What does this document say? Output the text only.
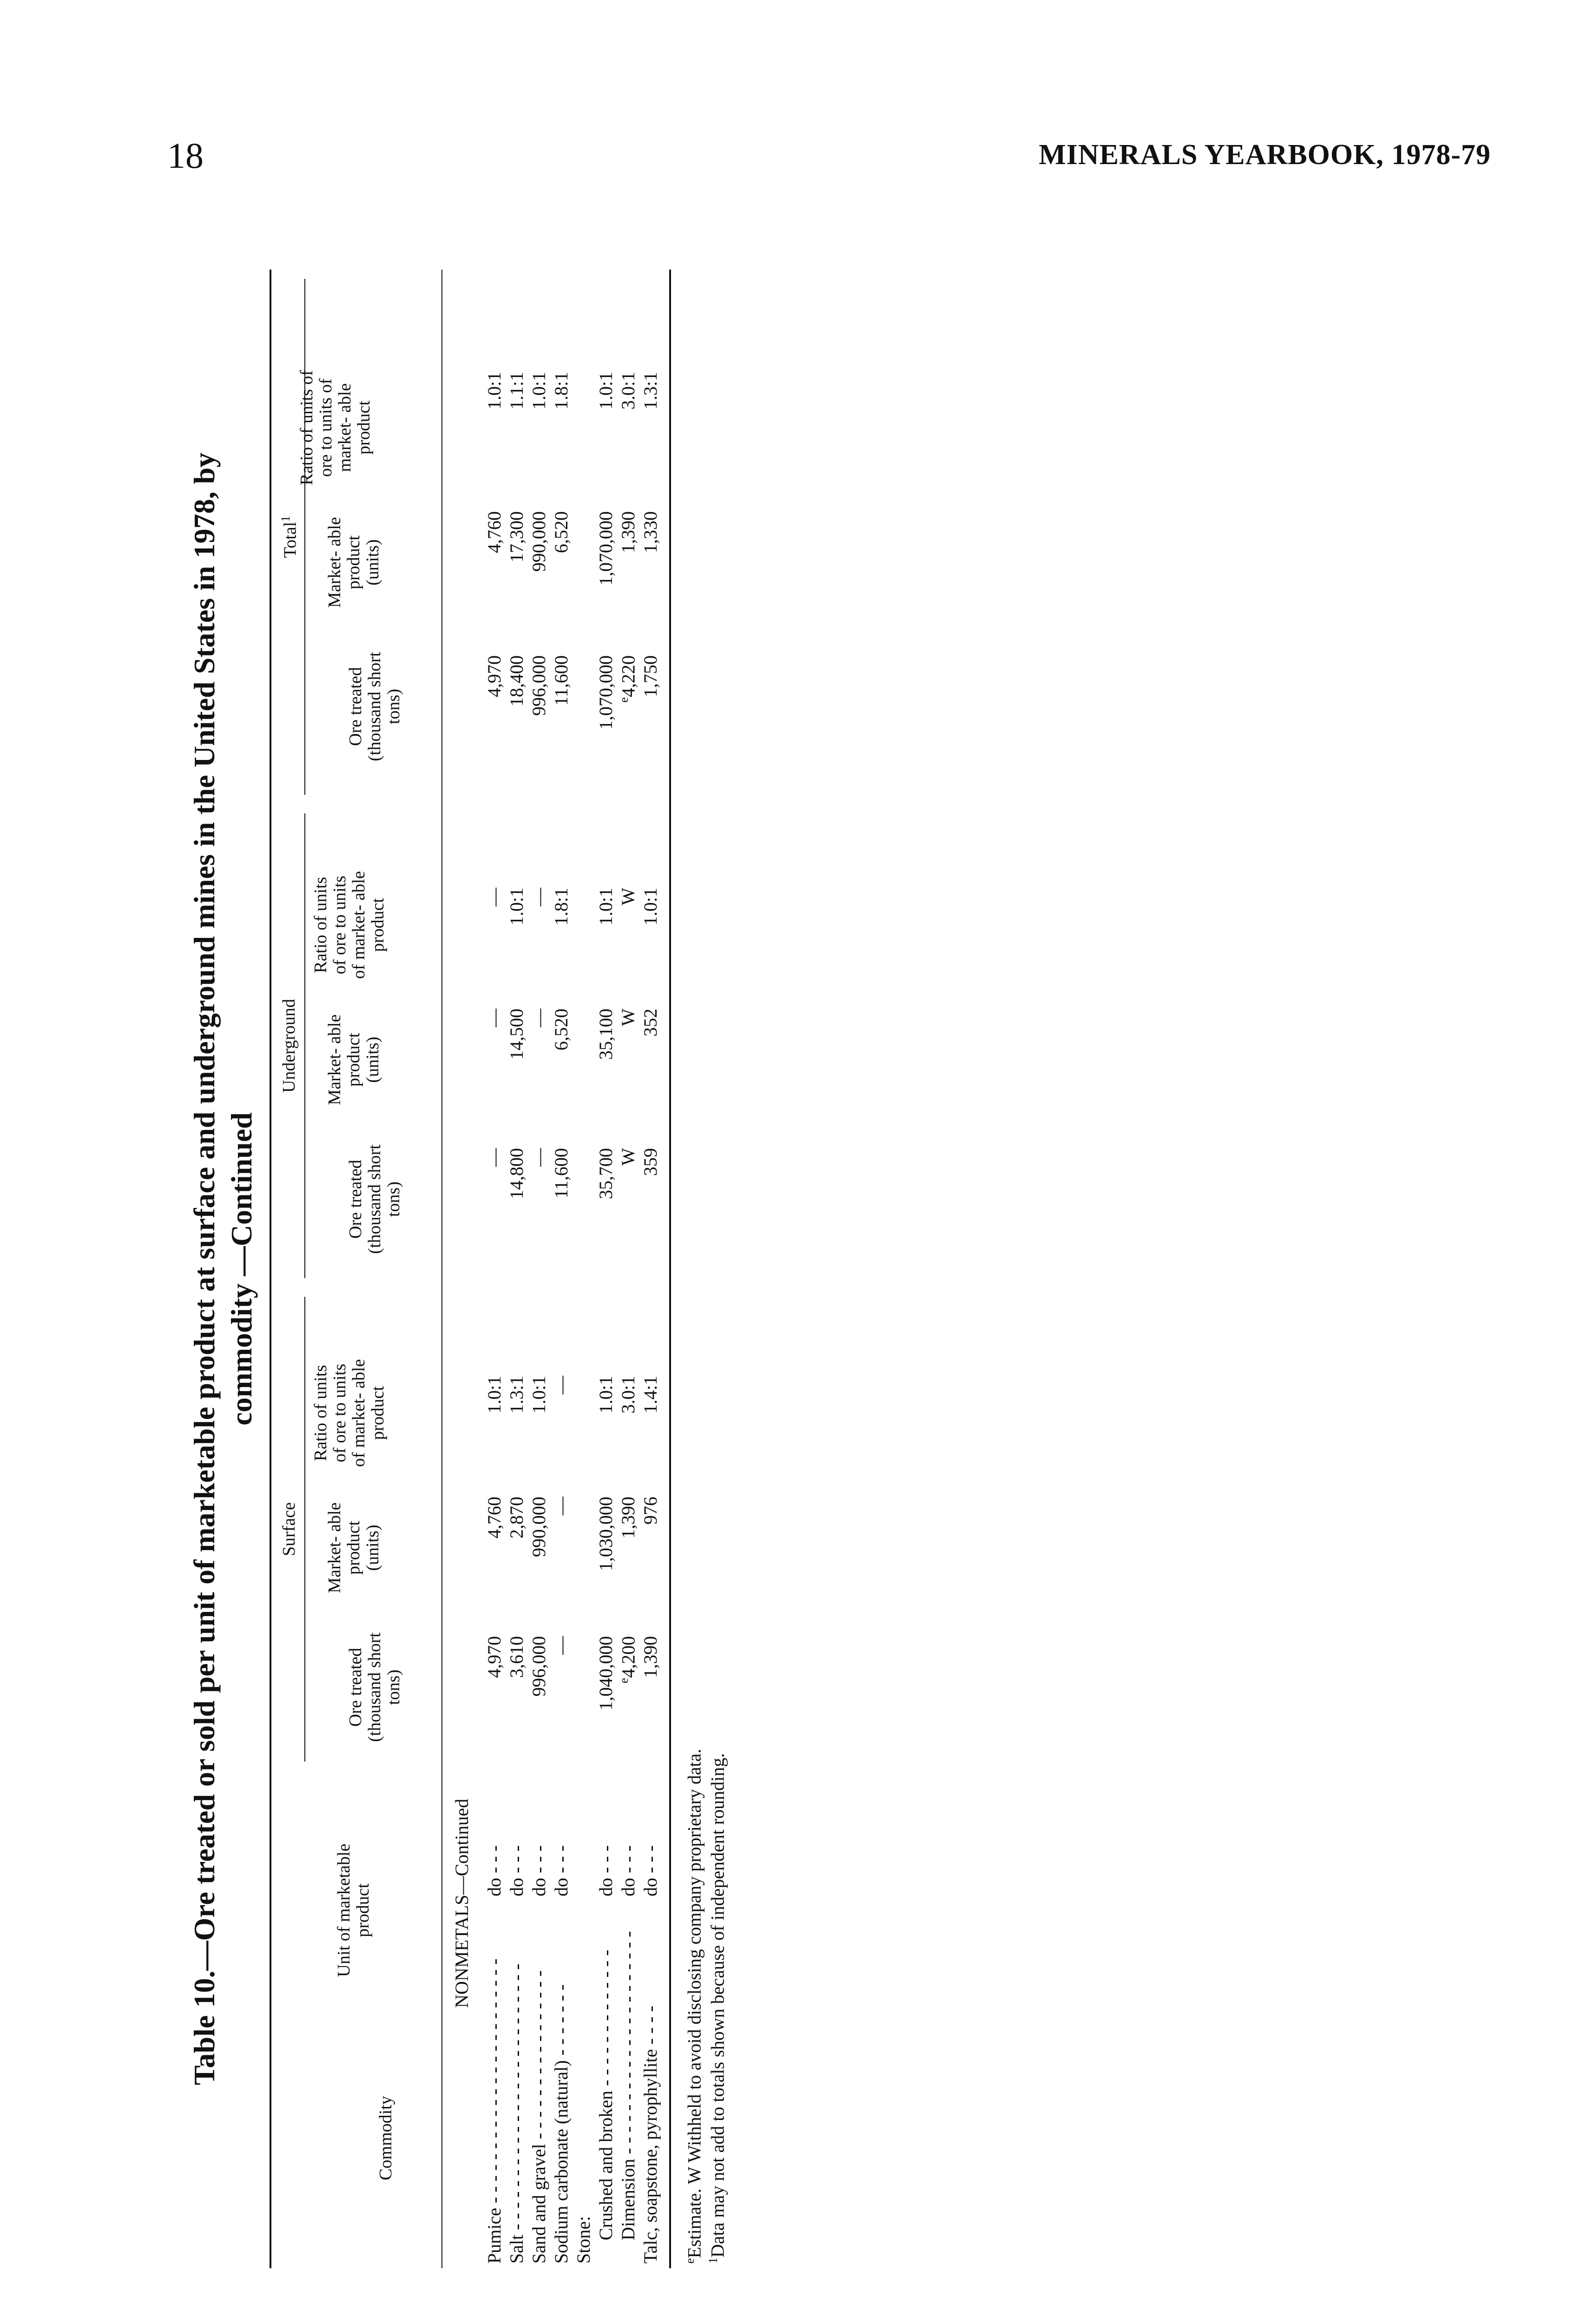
18	MINERALS YEARBOOK, 1978-79
Table 10.—Ore treated or sold per unit of marketable product at surface and underground mines in the United States in 1978, by commodity —Continued
Surface
Underground
Total$^1$
Commodity
Unit of marketable product
Ore treated (thousand short tons)
Market- able product (units)
Ratio of units of ore to units of market- able product
Ore treated (thousand short tons)
Market- able product (units)
Ratio of units of ore to units of market- able product
Ore treated (thousand short tons)
Market- able product (units)
Ratio of units of ore to units of market- able product
NONMETALS—Continued
Pumice - - - - - - - - - - - - - - - - - - - - - - -
do - - -
4,970
4,760
1.0:1
—
—
—
4,970
4,760
1.0:1
Salt - - - - - - - - - - - - - - - - - - - - - - - - -
do - - -
3,610
2,870
1.3:1
14,800
14,500
1.0:1
18,400
17,300
1.1:1
Sand and gravel - - - - - - - - - - - - - - - -
do - - -
996,000
990,000
1.0:1
—
—
—
996,000
990,000
1.0:1
Sodium carbonate (natural) - - - - - - -
do - - -
—
—
—
11,600
6,520
1.8:1
11,600
6,520
1.8:1
Stone: Crushed and broken - - - - - - - - - - - - -
do - - -
1,040,000
1,030,000
1.0:1
35,700
35,100
1.0:1
1,070,000
1,070,000
1.0:1
Dimension - - - - - - - - - - - - - - - - - - - - -
do - - -
$^e$4,200
1,390
3.0:1
W
W
W
$^e$4,220
1,390
3.0:1
Talc, soapstone, pyrophyllite - - - -
do - - -
1,390
976
1.4:1
359
352
1.0:1
1,750
1,330
1.3:1
$^e$Estimate. W Withheld to avoid disclosing company proprietary data.
$^1$Data may not add to totals shown because of independent rounding.
